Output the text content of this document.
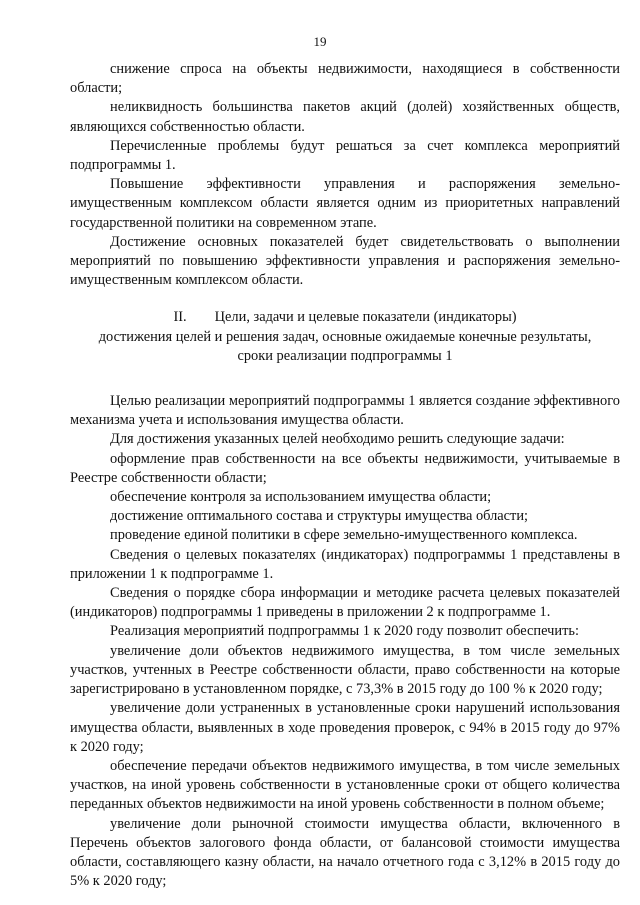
19

снижение спроса на объекты недвижимости, находящиеся в собственности области;

неликвидность большинства пакетов акций (долей) хозяйственных обществ, являющихся собственностью области.

Перечисленные проблемы будут решаться за счет комплекса мероприятий подпрограммы 1.

Повышение эффективности управления и распоряжения земельно-имущественным комплексом области является одним из приоритетных направлений государственной политики на современном этапе.

Достижение основных показателей будет свидетельствовать о выполнении мероприятий по повышению эффективности управления и распоряжения земельно-имущественным комплексом области.

II. Цели, задачи и целевые показатели (индикаторы)
достижения целей и решения задач, основные ожидаемые конечные результаты,
сроки реализации подпрограммы 1

Целью реализации мероприятий подпрограммы 1 является создание эффективного механизма учета и использования имущества области.

Для достижения указанных целей необходимо решить следующие задачи:

оформление прав собственности на все объекты недвижимости, учитываемые в Реестре собственности области;

обеспечение контроля за использованием имущества области;

достижение оптимального состава и структуры имущества области;

проведение единой политики в сфере земельно-имущественного комплекса.

Сведения о целевых показателях (индикаторах) подпрограммы 1 представлены в приложении 1 к подпрограмме 1.

Сведения о порядке сбора информации и методике расчета целевых показателей (индикаторов) подпрограммы 1 приведены в приложении 2 к подпрограмме 1.

Реализация мероприятий подпрограммы 1 к 2020 году позволит обеспечить:

увеличение доли объектов недвижимого имущества, в том числе земельных участков, учтенных в Реестре собственности области, право собственности на которые зарегистрировано в установленном порядке, с 73,3% в 2015 году до 100 % к 2020 году;

увеличение доли устраненных в установленные сроки нарушений использования имущества области, выявленных в ходе проведения проверок, с 94% в 2015 году до 97% к 2020 году;

обеспечение передачи объектов недвижимого имущества, в том числе земельных участков, на иной уровень собственности в установленные сроки от общего количества переданных объектов недвижимости на иной уровень собственности в полном объеме;

увеличение доли рыночной стоимости имущества области, включенного в Перечень объектов залогового фонда области, от балансовой стоимости имущества области, составляющего казну области, на начало отчетного года с 3,12% в 2015 году до 5% к 2020 году;
